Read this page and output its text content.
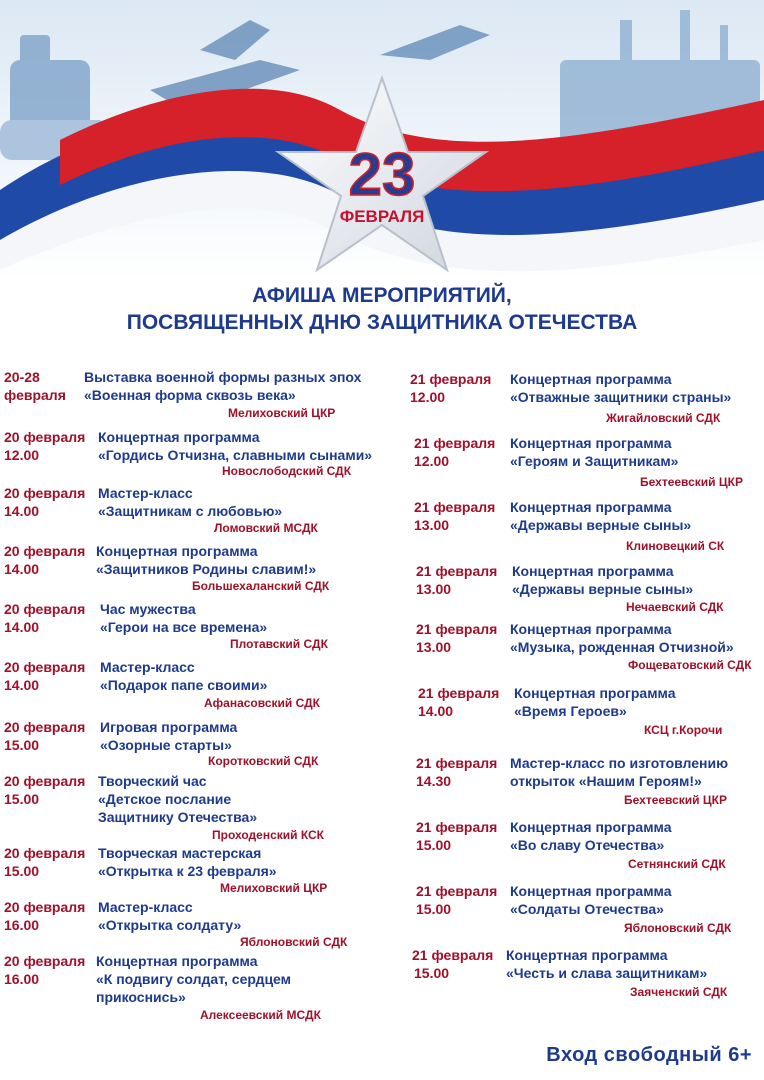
23
ФЕВРАЛЯ
АФИША МЕРОПРИЯТИЙ,
ПОСВЯЩЕННЫХ ДНЮ ЗАЩИТНИКА ОТЕЧЕСТВА
20-28
февраля
Выставка военной формы разных эпох
«Военная форма сквозь века»
Мелиховский ЦКР
20 февраля
12.00
Концертная программа
«Гордись Отчизна, славными сынами»
Новослободский СДК
20 февраля
14.00
Мастер-класс
«Защитникам с любовью»
Ломовский МСДК
20 февраля
14.00
Концертная программа
«Защитников Родины славим!»
Большехаланский СДК
20 февраля
14.00
Час мужества
«Герои на все времена»
Плотавский СДК
20 февраля
14.00
Мастер-класс
«Подарок папе своими»
Афанасовский СДК
20 февраля
15.00
Игровая программа
«Озорные старты»
Коротковский СДК
20 февраля
15.00
Творческий час
«Детское послание
Защитнику Отечества»
Проходенский КСК
20 февраля
15.00
Творческая мастерская
«Открытка к 23 февраля»
Мелиховский ЦКР
20 февраля
16.00
Мастер-класс
«Открытка солдату»
Яблоновский СДК
20 февраля
16.00
Концертная программа
«К подвигу солдат, сердцем
прикоснись»
Алексеевский МСДК
21 февраля
12.00
Концертная программа
«Отважные защитники страны»
Жигайловский СДК
21 февраля
12.00
Концертная программа
«Героям и Защитникам»
Бехтеевский ЦКР
21 февраля
13.00
Концертная программа
«Державы верные сыны»
Клиновецкий СК
21 февраля
13.00
Концертная программа
«Державы верные сыны»
Нечаевский СДК
21 февраля
13.00
Концертная программа
«Музыка, рожденная Отчизной»
Фощеватовский СДК
21 февраля
14.00
Концертная программа
«Время Героев»
КСЦ г.Корочи
21 февраля
14.30
Мастер-класс по изготовлению
открыток «Нашим Героям!»
Бехтеевский ЦКР
21 февраля
15.00
Концертная программа
«Во славу Отечества»
Сетнянский СДК
21 февраля
15.00
Концертная программа
«Солдаты Отечества»
Яблоновский СДК
21 февраля
15.00
Концертная программа
«Честь и слава защитникам»
Заяченский СДК
Вход свободный 6+
